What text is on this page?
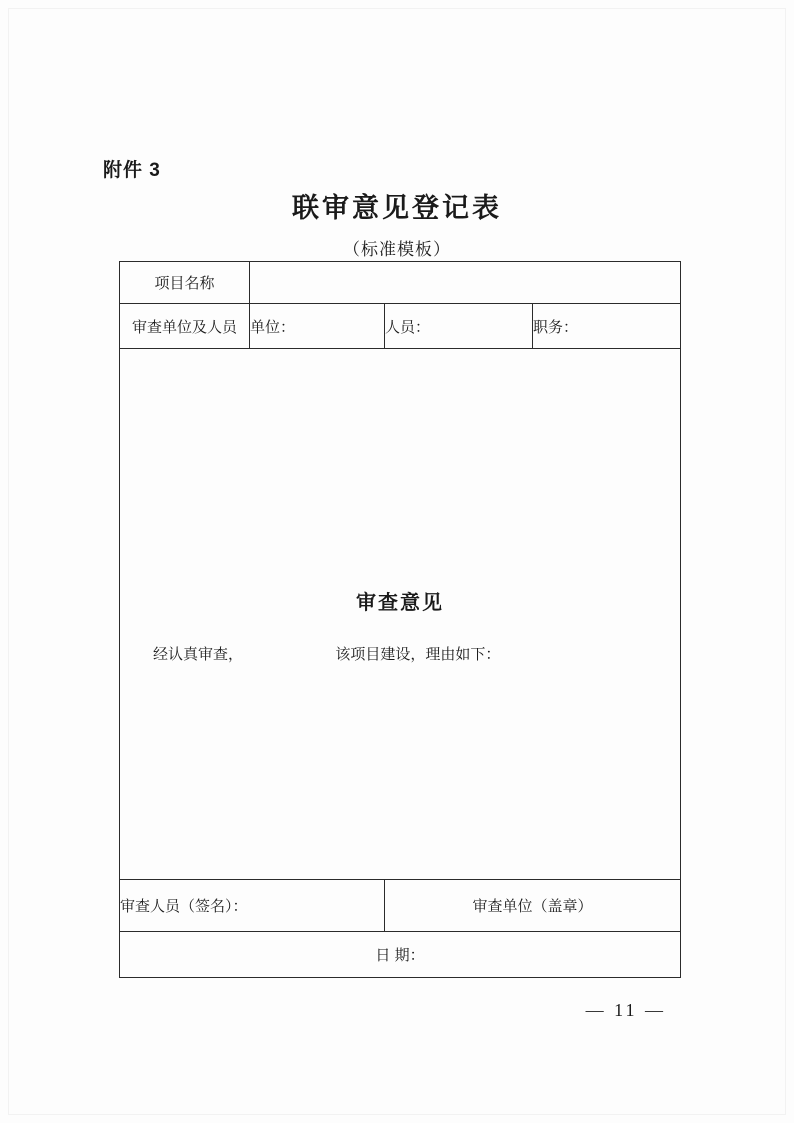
附件 3
联审意见登记表
（标准模板）
项目名称			
审查单位及人员	单位：	人员：	职务：

审查意见
经认真审查， 该项目建设，理由如下：			

审查人员（签名）：		审查单位（盖章）	
日 期：			
— 11 —
